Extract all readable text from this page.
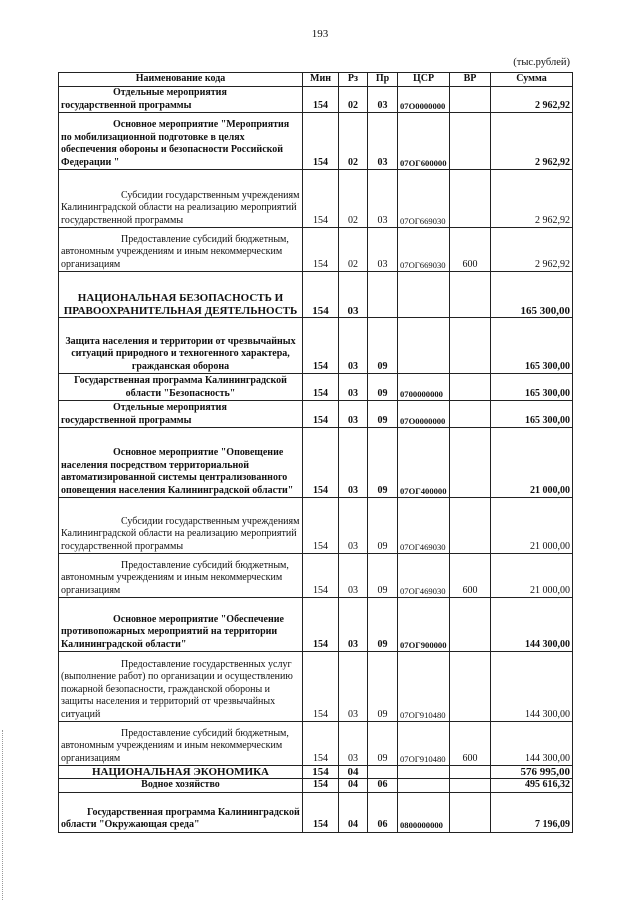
193
(тыс.рублей)
Наименование кода	Мин	Рз	Пр	ЦСР	ВР	Сумма
Отдельные мероприятия государственной программы	154	02	03	07О0000000		2 962,92
Основное мероприятие "Мероприятия по мобилизационной подготовке в целях обеспечения обороны и безопасности Российской Федерации "	154	02	03	07ОГ600000		2 962,92
Субсидии государственным учреждениям Калининградской области на реализацию мероприятий государственной программы	154	02	03	07ОГ669030		2 962,92
Предоставление субсидий бюджетным, автономным учреждениям и иным некоммерческим организациям	154	02	03	07ОГ669030	600	2 962,92
НАЦИОНАЛЬНАЯ БЕЗОПАСНОСТЬ И ПРАВООХРАНИТЕЛЬНАЯ ДЕЯТЕЛЬНОСТЬ	154	03				165 300,00
Защита населения и территории от чрезвычайных ситуаций природного и техногенного характера, гражданская оборона	154	03	09			165 300,00
Государственная программа Калининградской области "Безопасность"	154	03	09	0700000000		165 300,00
Отдельные мероприятия государственной программы	154	03	09	07О0000000		165 300,00
Основное мероприятие "Оповещение населения посредством территориальной автоматизированной системы централизованного оповещения населения Калининградской области"	154	03	09	07ОГ400000		21 000,00
Субсидии государственным учреждениям Калининградской области на реализацию мероприятий государственной программы	154	03	09	07ОГ469030		21 000,00
Предоставление субсидий бюджетным, автономным учреждениям и иным некоммерческим организациям	154	03	09	07ОГ469030	600	21 000,00
Основное мероприятие "Обеспечение противопожарных мероприятий на территории Калининградской области"	154	03	09	07ОГ900000		144 300,00
Предоставление государственных услуг (выполнение работ) по организации и осуществлению пожарной безопасности, гражданской обороны и защиты населения и территорий от чрезвычайных ситуаций	154	03	09	07ОГ910480		144 300,00
Предоставление субсидий бюджетным, автономным учреждениям и иным некоммерческим организациям	154	03	09	07ОГ910480	600	144 300,00
НАЦИОНАЛЬНАЯ ЭКОНОМИКА	154	04				576 995,00
Водное хозяйство	154	04	06			495 616,32
Государственная программа Калининградской области "Окружающая среда"	154	04	06	0800000000		7 196,09
